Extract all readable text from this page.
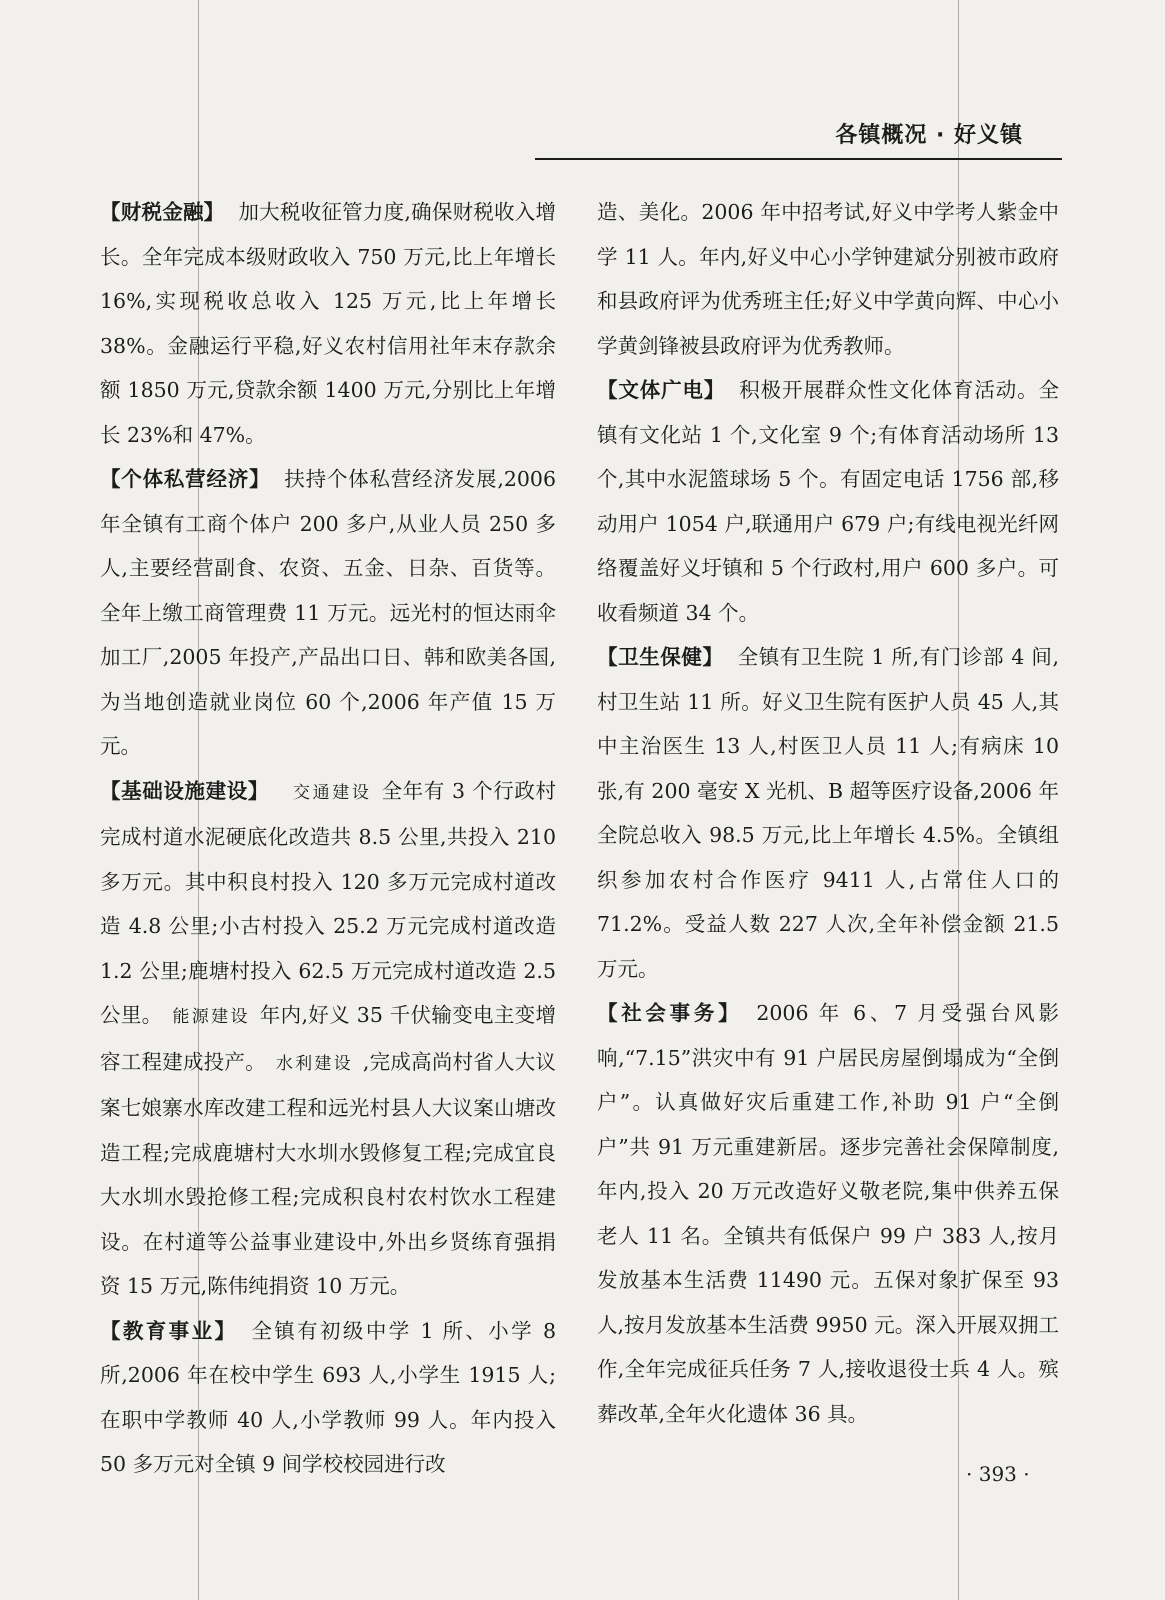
各镇概况 · 好义镇

【财税金融】 加大税收征管力度,确保财税收入增长。全年完成本级财政收入 750 万元,比上年增长 16%,实现税收总收入 125 万元,比上年增长 38%。金融运行平稳,好义农村信用社年末存款余额 1850 万元,贷款余额 1400 万元,分别比上年增长 23%和 47%。

【个体私营经济】 扶持个体私营经济发展,2006 年全镇有工商个体户 200 多户,从业人员 250 多人,主要经营副食、农资、五金、日杂、百货等。全年上缴工商管理费 11 万元。远光村的恒达雨伞加工厂,2005 年投产,产品出口日、韩和欧美各国,为当地创造就业岗位 60 个,2006 年产值 15 万元。

【基础设施建设】 交通建设 全年有 3 个行政村完成村道水泥硬底化改造共 8.5 公里,共投入 210 多万元。其中积良村投入 120 多万元完成村道改造 4.8 公里;小古村投入 25.2 万元完成村道改造 1.2 公里;鹿塘村投入 62.5 万元完成村道改造 2.5 公里。 能源建设 年内,好义 35 千伏输变电主变增容工程建成投产。 水利建设 ,完成高尚村省人大议案七娘寨水库改建工程和远光村县人大议案山塘改造工程;完成鹿塘村大水圳水毁修复工程;完成宜良大水圳水毁抢修工程;完成积良村农村饮水工程建设。在村道等公益事业建设中,外出乡贤练育强捐资 15 万元,陈伟纯捐资 10 万元。

【教育事业】 全镇有初级中学 1 所、小学 8 所,2006 年在校中学生 693 人,小学生 1915 人;在职中学教师 40 人,小学教师 99 人。年内投入 50 多万元对全镇 9 间学校校园进行改

造、美化。2006 年中招考试,好义中学考人紫金中学 11 人。年内,好义中心小学钟建斌分别被市政府和县政府评为优秀班主任;好义中学黄向辉、中心小学黄剑锋被县政府评为优秀教师。

【文体广电】 积极开展群众性文化体育活动。全镇有文化站 1 个,文化室 9 个;有体育活动场所 13 个,其中水泥篮球场 5 个。有固定电话 1756 部,移动用户 1054 户,联通用户 679 户;有线电视光纤网络覆盖好义圩镇和 5 个行政村,用户 600 多户。可收看频道 34 个。

【卫生保健】 全镇有卫生院 1 所,有门诊部 4 间,村卫生站 11 所。好义卫生院有医护人员 45 人,其中主治医生 13 人,村医卫人员 11 人;有病床 10 张,有 200 毫安 X 光机、B 超等医疗设备,2006 年全院总收入 98.5 万元,比上年增长 4.5%。全镇组织参加农村合作医疗 9411 人,占常住人口的 71.2%。受益人数 227 人次,全年补偿金额 21.5 万元。

【社会事务】 2006 年 6、7 月受强台风影响,“7.15”洪灾中有 91 户居民房屋倒塌成为“全倒户”。认真做好灾后重建工作,补助 91 户“全倒户”共 91 万元重建新居。逐步完善社会保障制度,年内,投入 20 万元改造好义敬老院,集中供养五保老人 11 名。全镇共有低保户 99 户 383 人,按月发放基本生活费 11490 元。五保对象扩保至 93 人,按月发放基本生活费 9950 元。深入开展双拥工作,全年完成征兵任务 7 人,接收退役士兵 4 人。殡葬改革,全年火化遗体 36 具。

· 393 ·
